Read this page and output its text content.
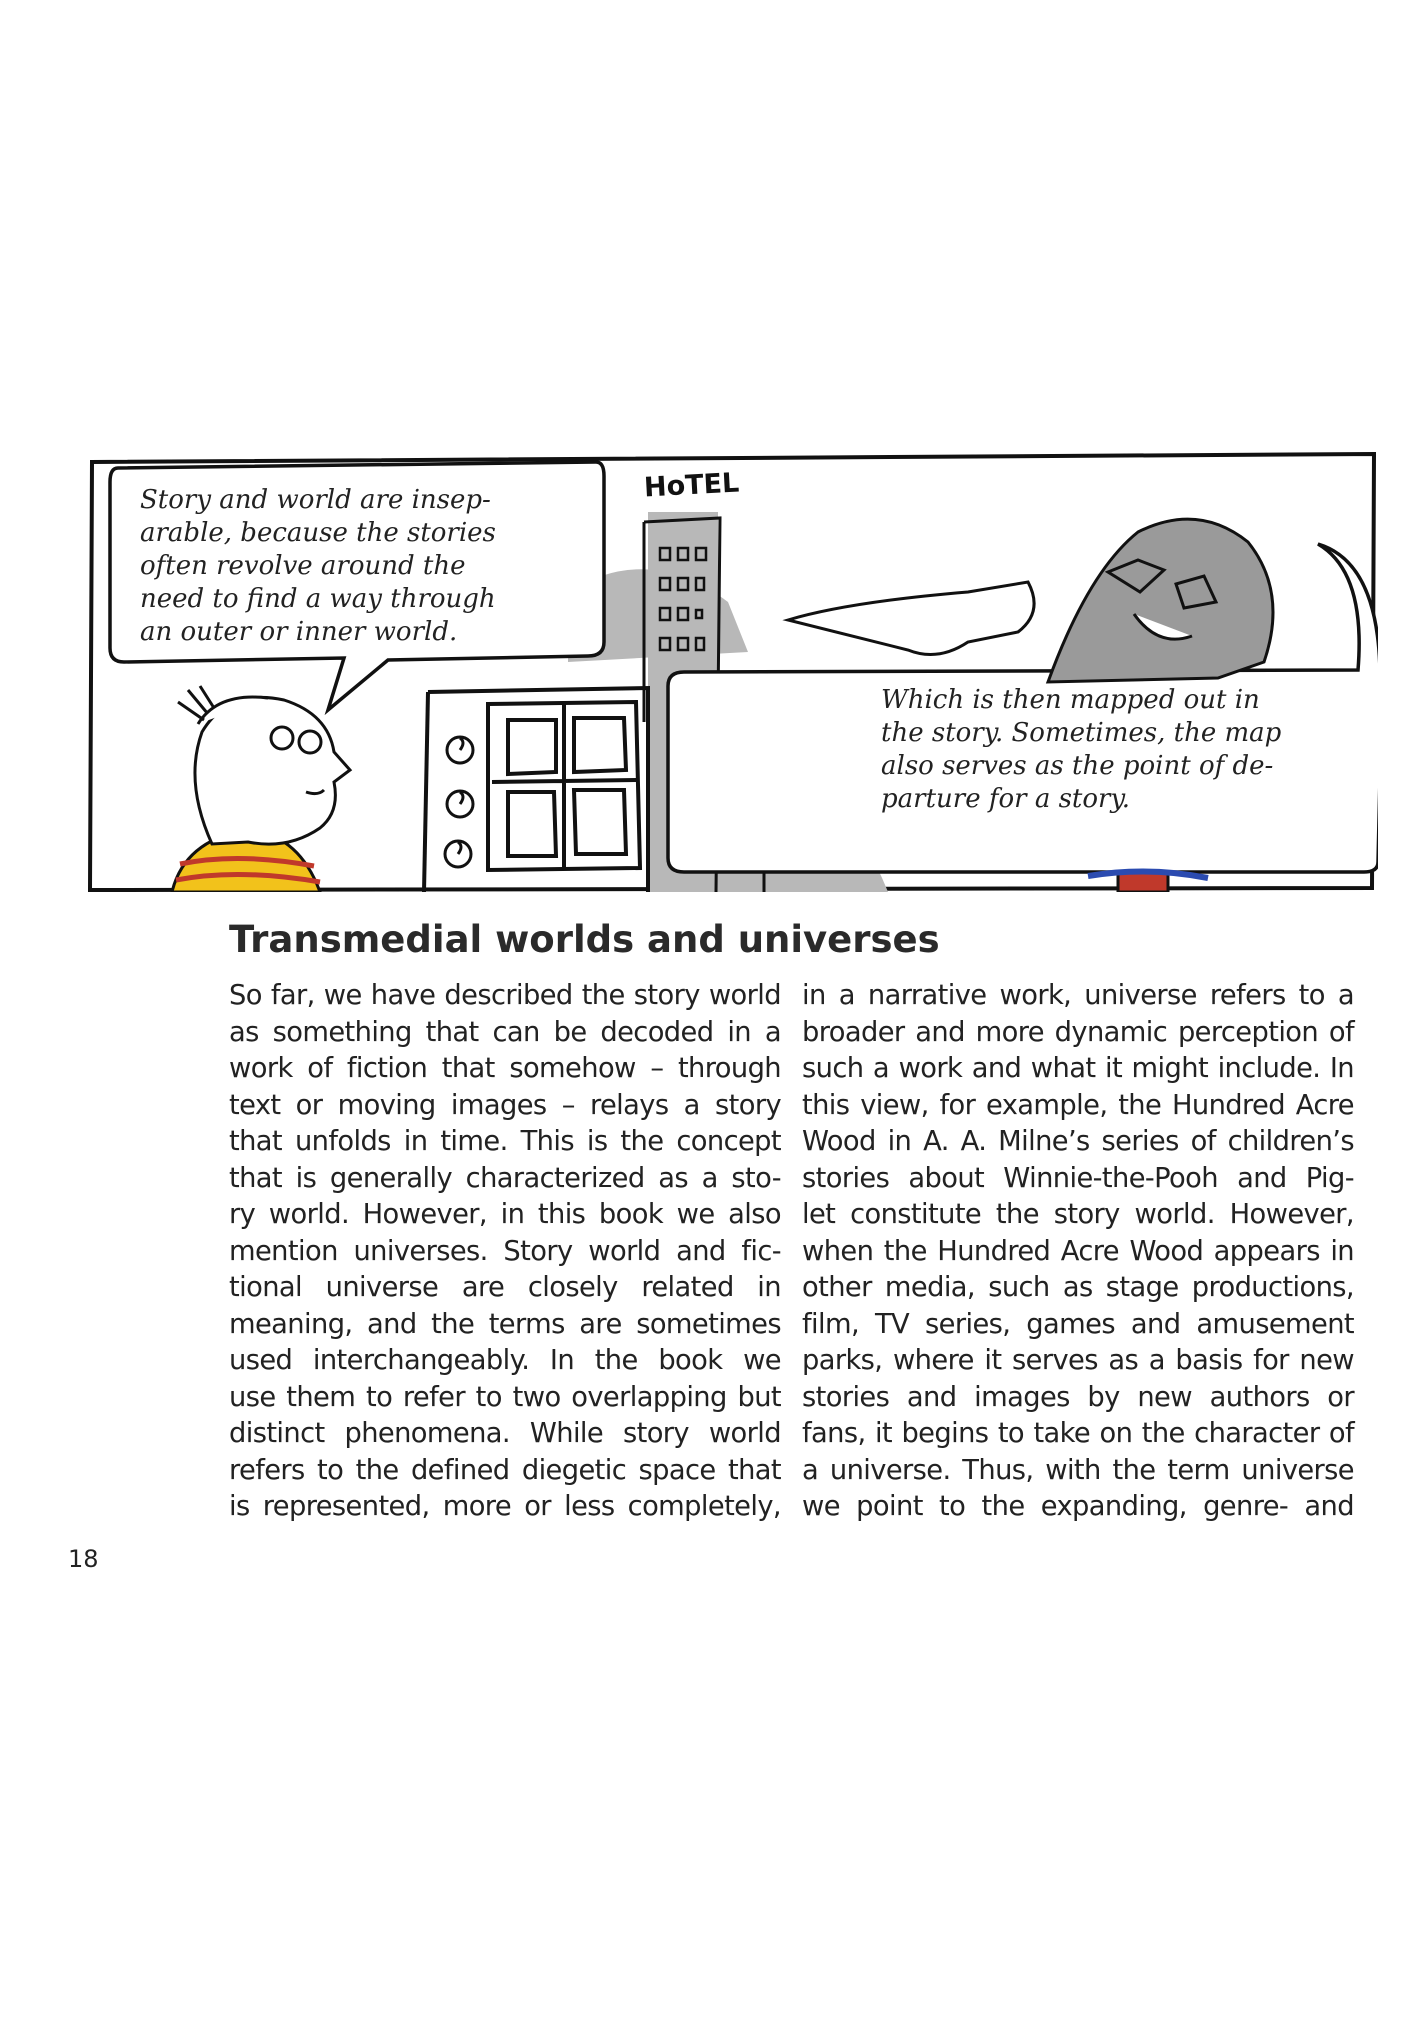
HoTEL
Story and world are insep-
arable, because the stories
often revolve around the
need to find a way through
an outer or inner world.
Which is then mapped out in
the story. Sometimes, the map
also serves as the point of de-
parture for a story.
Transmedial worlds and universes
So far, we have described the story world
as something that can be decoded in a
work of fiction that somehow – through
text or moving images – relays a story
that unfolds in time. This is the concept
that is generally characterized as a sto-
ry world. However, in this book we also
mention universes. Story world and fic-
tional universe are closely related in
meaning, and the terms are sometimes
used interchangeably. In the book we
use them to refer to two overlapping but
distinct phenomena. While story world
refers to the defined diegetic space that
is represented, more or less completely,
in a narrative work, universe refers to a
broader and more dynamic perception of
such a work and what it might include. In
this view, for example, the Hundred Acre
Wood in A. A. Milne’s series of children’s
stories about Winnie-the-Pooh and Pig-
let constitute the story world. However,
when the Hundred Acre Wood appears in
other media, such as stage productions,
film, TV series, games and amusement
parks, where it serves as a basis for new
stories and images by new authors or
fans, it begins to take on the character of
a universe. Thus, with the term universe
we point to the expanding, genre- and
18
